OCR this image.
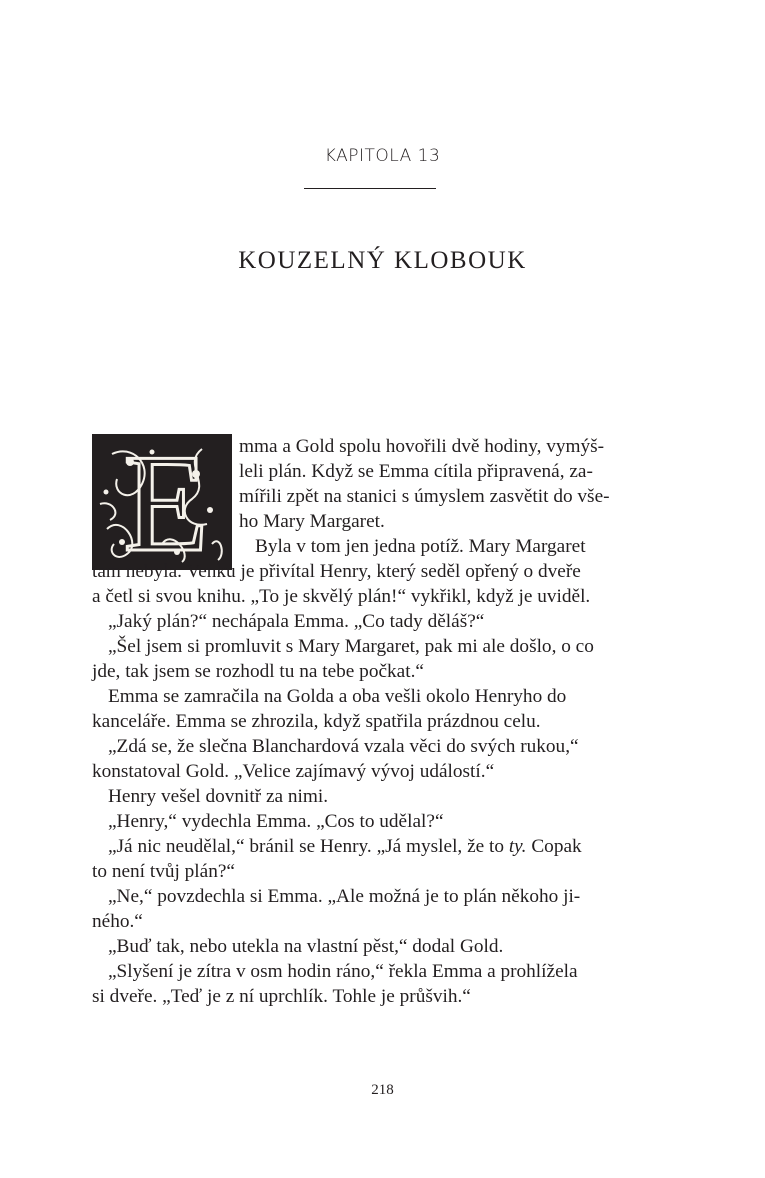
KAPITOLA 13
KOUZELNÝ KLOBOUK
E mma a Gold spolu hovořili dvě hodiny, vymýš-
leli plán. Když se Emma cítila připravená, za-
mířili zpět na stanici s úmyslem zasvětit do vše-
ho Mary Margaret.
Byla v tom jen jedna potíž. Mary Margaret
tam nebyla. Venku je přivítal Henry, který seděl opřený o dveře
a četl si svou knihu. „To je skvělý plán!“ vykřikl, když je uviděl.
„Jaký plán?“ nechápala Emma. „Co tady děláš?“
„Šel jsem si promluvit s Mary Margaret, pak mi ale došlo, o co
jde, tak jsem se rozhodl tu na tebe počkat.“
Emma se zamračila na Golda a oba vešli okolo Henryho do
kanceláře. Emma se zhrozila, když spatřila prázdnou celu.
„Zdá se, že slečna Blanchardová vzala věci do svých rukou,“
konstatoval Gold. „Velice zajímavý vývoj událostí.“
Henry vešel dovnitř za nimi.
„Henry,“ vydechla Emma. „Cos to udělal?“
„Já nic neudělal,“ bránil se Henry. „Já myslel, že to ty. Copak
to není tvůj plán?“
„Ne,“ povzdechla si Emma. „Ale možná je to plán někoho ji-
ného.“
„Buď tak, nebo utekla na vlastní pěst,“ dodal Gold.
„Slyšení je zítra v osm hodin ráno,“ řekla Emma a prohlížela
si dveře. „Teď je z ní uprchlík. Tohle je průšvih.“
218
